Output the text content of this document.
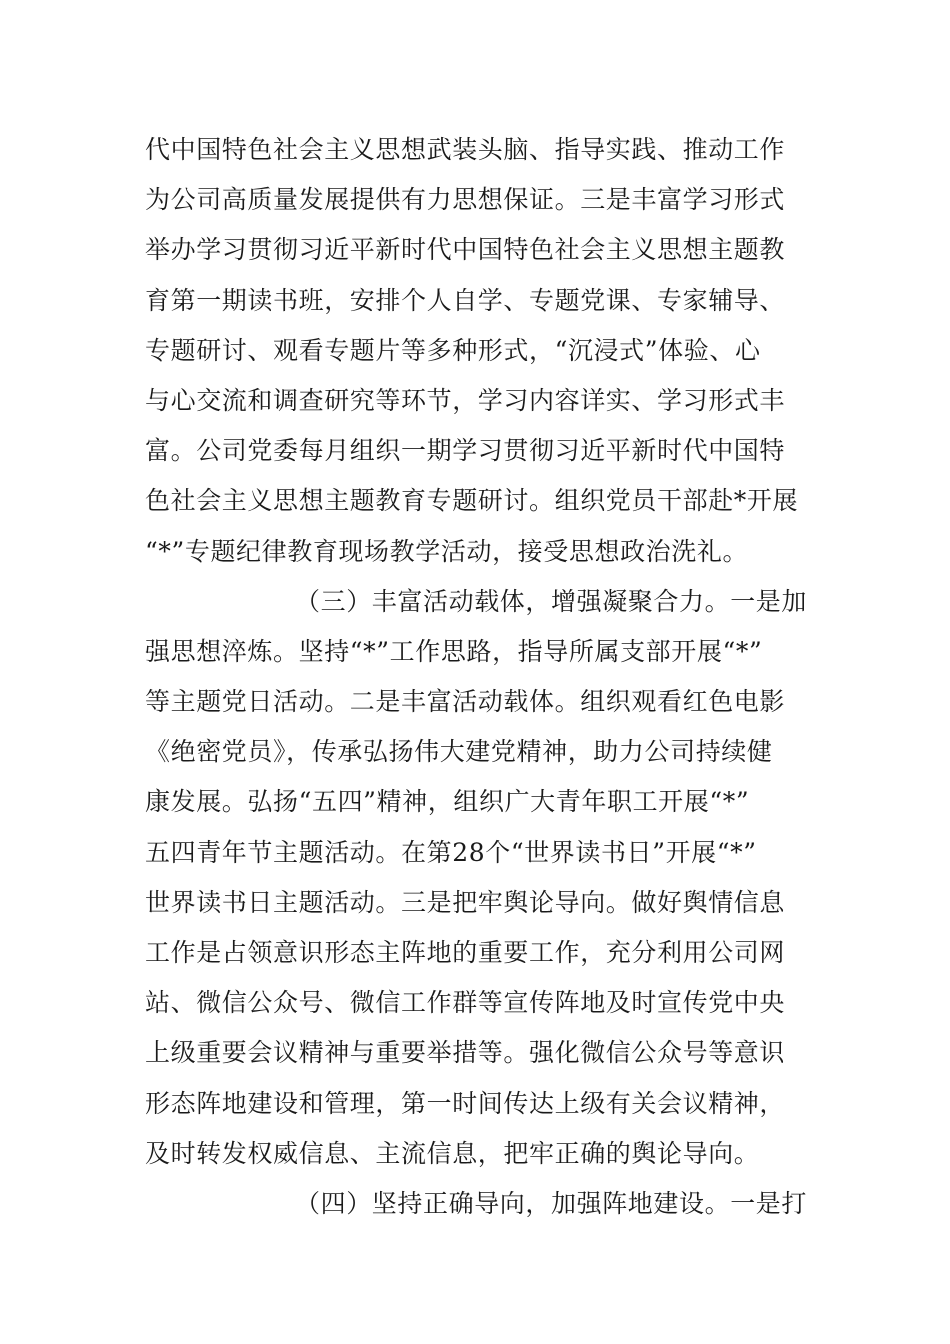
代中国特色社会主义思想武装头脑、指导实践、推动工作
为公司高质量发展提供有力思想保证。三是丰富学习形式
举办学习贯彻习近平新时代中国特色社会主义思想主题教
育第一期读书班，安排个人自学、专题党课、专家辅导、
专题研讨、观看专题片等多种形式，“沉浸式”体验、心
与心交流和调查研究等环节，学习内容详实、学习形式丰
富。公司党委每月组织一期学习贯彻习近平新时代中国特
色社会主义思想主题教育专题研讨。组织党员干部赴*开展
“*”专题纪律教育现场教学活动，接受思想政治洗礼。
（三）丰富活动载体，增强凝聚合力。一是加
强思想淬炼。坚持“*”工作思路，指导所属支部开展“*”
等主题党日活动。二是丰富活动载体。组织观看红色电影
《绝密党员》，传承弘扬伟大建党精神，助力公司持续健
康发展。弘扬“五四”精神，组织广大青年职工开展“*”
五四青年节主题活动。在第28个“世界读书日”开展“*”
世界读书日主题活动。三是把牢舆论导向。做好舆情信息
工作是占领意识形态主阵地的重要工作，充分利用公司网
站、微信公众号、微信工作群等宣传阵地及时宣传党中央
上级重要会议精神与重要举措等。强化微信公众号等意识
形态阵地建设和管理，第一时间传达上级有关会议精神，
及时转发权威信息、主流信息，把牢正确的舆论导向。
（四）坚持正确导向，加强阵地建设。一是打
